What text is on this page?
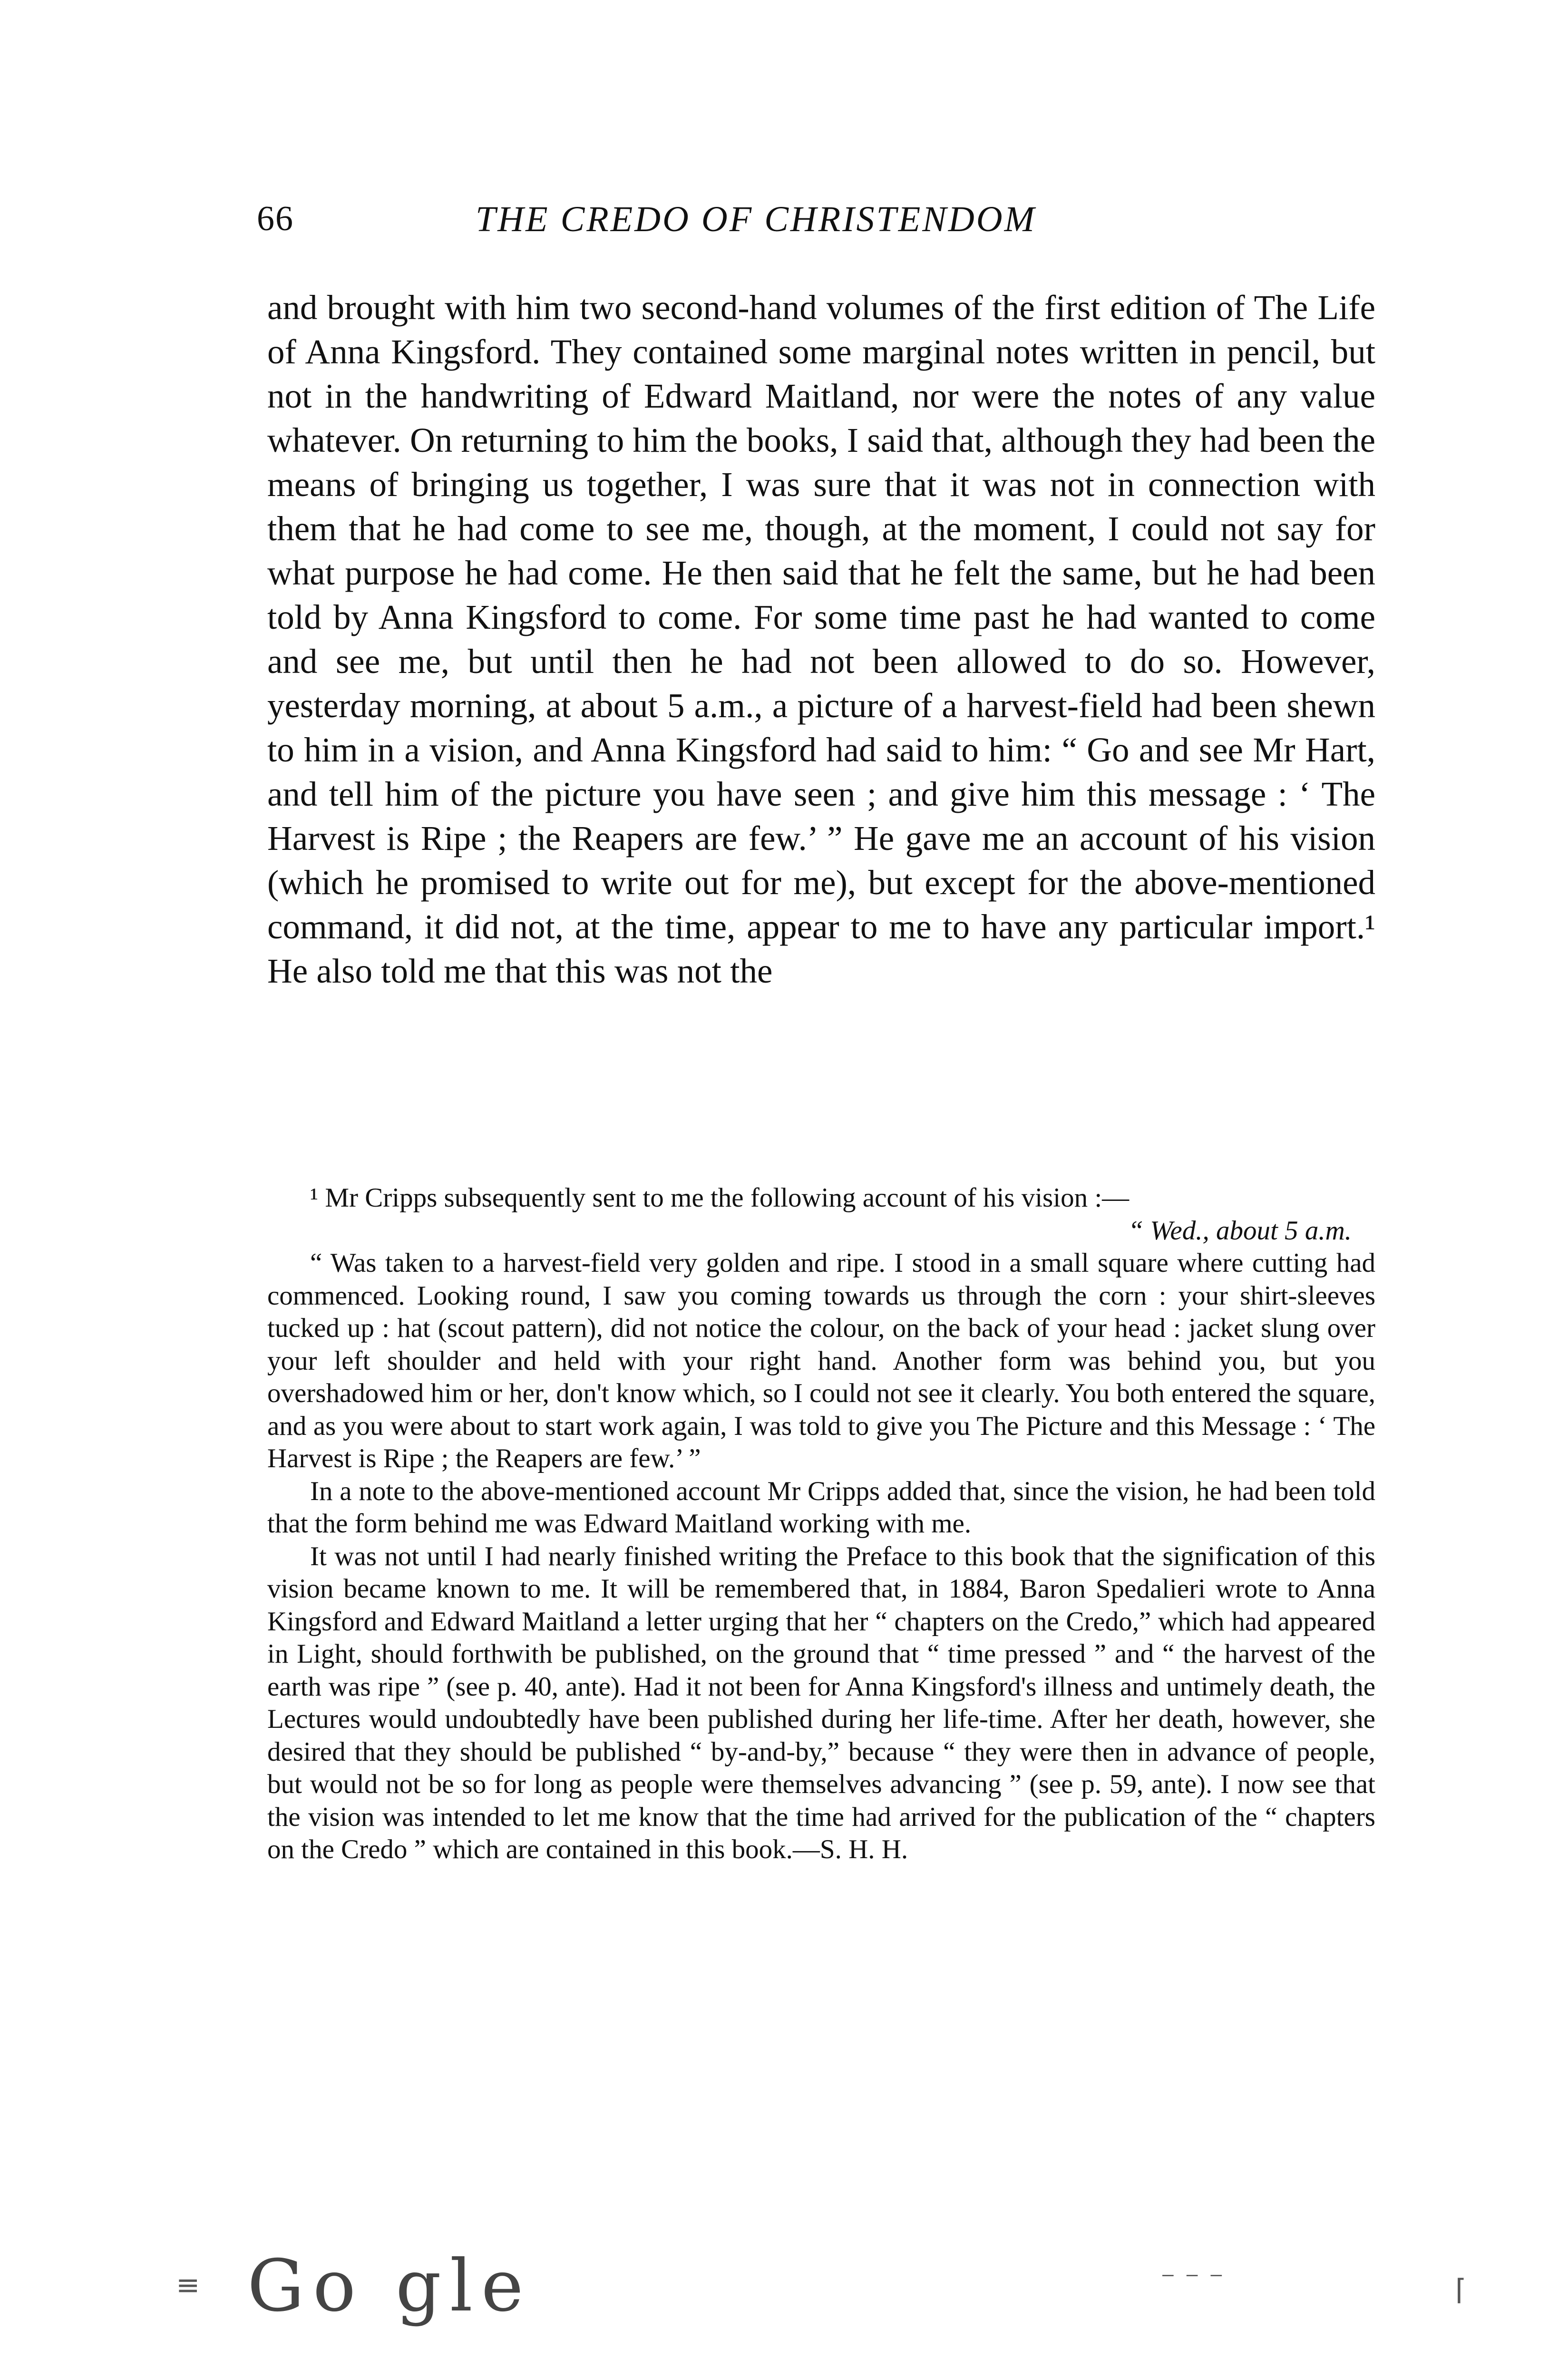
66	THE CREDO OF CHRISTENDOM

and brought with him two second-hand volumes of the first edition of The Life of Anna Kingsford. They contained some marginal notes written in pencil, but not in the handwriting of Edward Maitland, nor were the notes of any value whatever. On returning to him the books, I said that, although they had been the means of bringing us together, I was sure that it was not in connection with them that he had come to see me, though, at the moment, I could not say for what purpose he had come. He then said that he felt the same, but he had been told by Anna Kingsford to come. For some time past he had wanted to come and see me, but until then he had not been allowed to do so. However, yesterday morning, at about 5 a.m., a picture of a harvest-field had been shewn to him in a vision, and Anna Kingsford had said to him: “ Go and see Mr Hart, and tell him of the picture you have seen ; and give him this message : ‘ The Harvest is Ripe ; the Reapers are few.’ ” He gave me an account of his vision (which he promised to write out for me), but except for the above-mentioned command, it did not, at the time, appear to me to have any particular import.¹ He also told me that this was not the

¹ Mr Cripps subsequently sent to me the following account of his vision :—

“ Wed., about 5 a.m.

“ Was taken to a harvest-field very golden and ripe. I stood in a small square where cutting had commenced. Looking round, I saw you coming towards us through the corn : your shirt-sleeves tucked up : hat (scout pattern), did not notice the colour, on the back of your head : jacket slung over your left shoulder and held with your right hand. Another form was behind you, but you overshadowed him or her, don't know which, so I could not see it clearly. You both entered the square, and as you were about to start work again, I was told to give you The Picture and this Message : ‘ The Harvest is Ripe ; the Reapers are few.’ ”

In a note to the above-mentioned account Mr Cripps added that, since the vision, he had been told that the form behind me was Edward Maitland working with me.

It was not until I had nearly finished writing the Preface to this book that the signification of this vision became known to me. It will be remembered that, in 1884, Baron Spedalieri wrote to Anna Kingsford and Edward Maitland a letter urging that her “ chapters on the Credo,” which had appeared in Light, should forthwith be published, on the ground that “ time pressed ” and “ the harvest of the earth was ripe ” (see p. 40, ante). Had it not been for Anna Kingsford's illness and untimely death, the Lectures would undoubtedly have been published during her life-time. After her death, however, she desired that they should be published “ by-and-by,” because “ they were then in advance of people, but would not be so for long as people were themselves advancing ” (see p. 59, ante). I now see that the vision was intended to let me know that the time had arrived for the publication of the “ chapters on the Credo ” which are contained in this book.—S. H. H.

≡ Go gle	⁻ ⁻ ⁻	⌈
